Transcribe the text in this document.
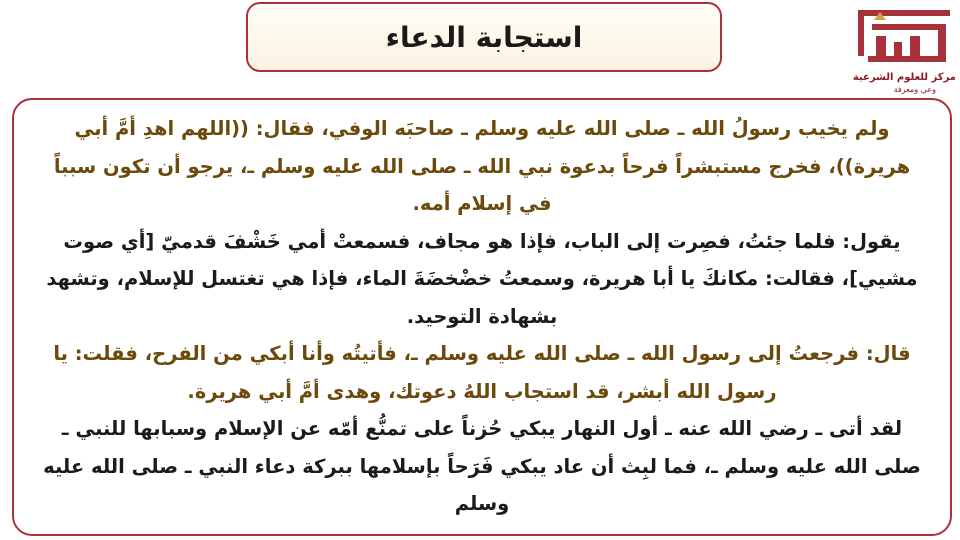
استجابة الدعاء
مركز للعلوم الشرعية
وعي ومعرفة

ولم يخيب رسولُ الله ـ صلى الله عليه وسلم ـ صاحبَه الوفي، فقال: ((اللهم اهدِ أمَّ أبي هريرة))، فخرج مستبشراً فرحاً بدعوة نبي الله ـ صلى الله عليه وسلم ـ، يرجو أن تكون سبباً في إسلام أمه.

يقول: فلما جئتُ، فصِرت إلى الباب، فإذا هو مجاف، فسمعتْ أمي خَشْفَ قدميّ [أي صوت مشيي]، فقالت: مكانكَ يا أبا هريرة، وسمعتُ خضْخضَةَ الماء، فإذا هي تغتسل للإسلام، وتشهد بشهادة التوحيد.

قال: فرجعتُ إلى رسول الله ـ صلى الله عليه وسلم ـ، فأتيتُه وأنا أبكي من الفرح، فقلت: يا رسول الله أبشر، قد استجاب اللهُ دعوتك، وهدى أمَّ أبي هريرة.

لقد أتى ـ رضي الله عنه ـ أول النهار يبكي حُزناً على تمنُّع أمّه عن الإسلام وسبابها للنبي ـ صلى الله عليه وسلم ـ، فما لبِث أن عاد يبكي فَرَحاً بإسلامها ببركة دعاء النبي ـ صلى الله عليه وسلم
